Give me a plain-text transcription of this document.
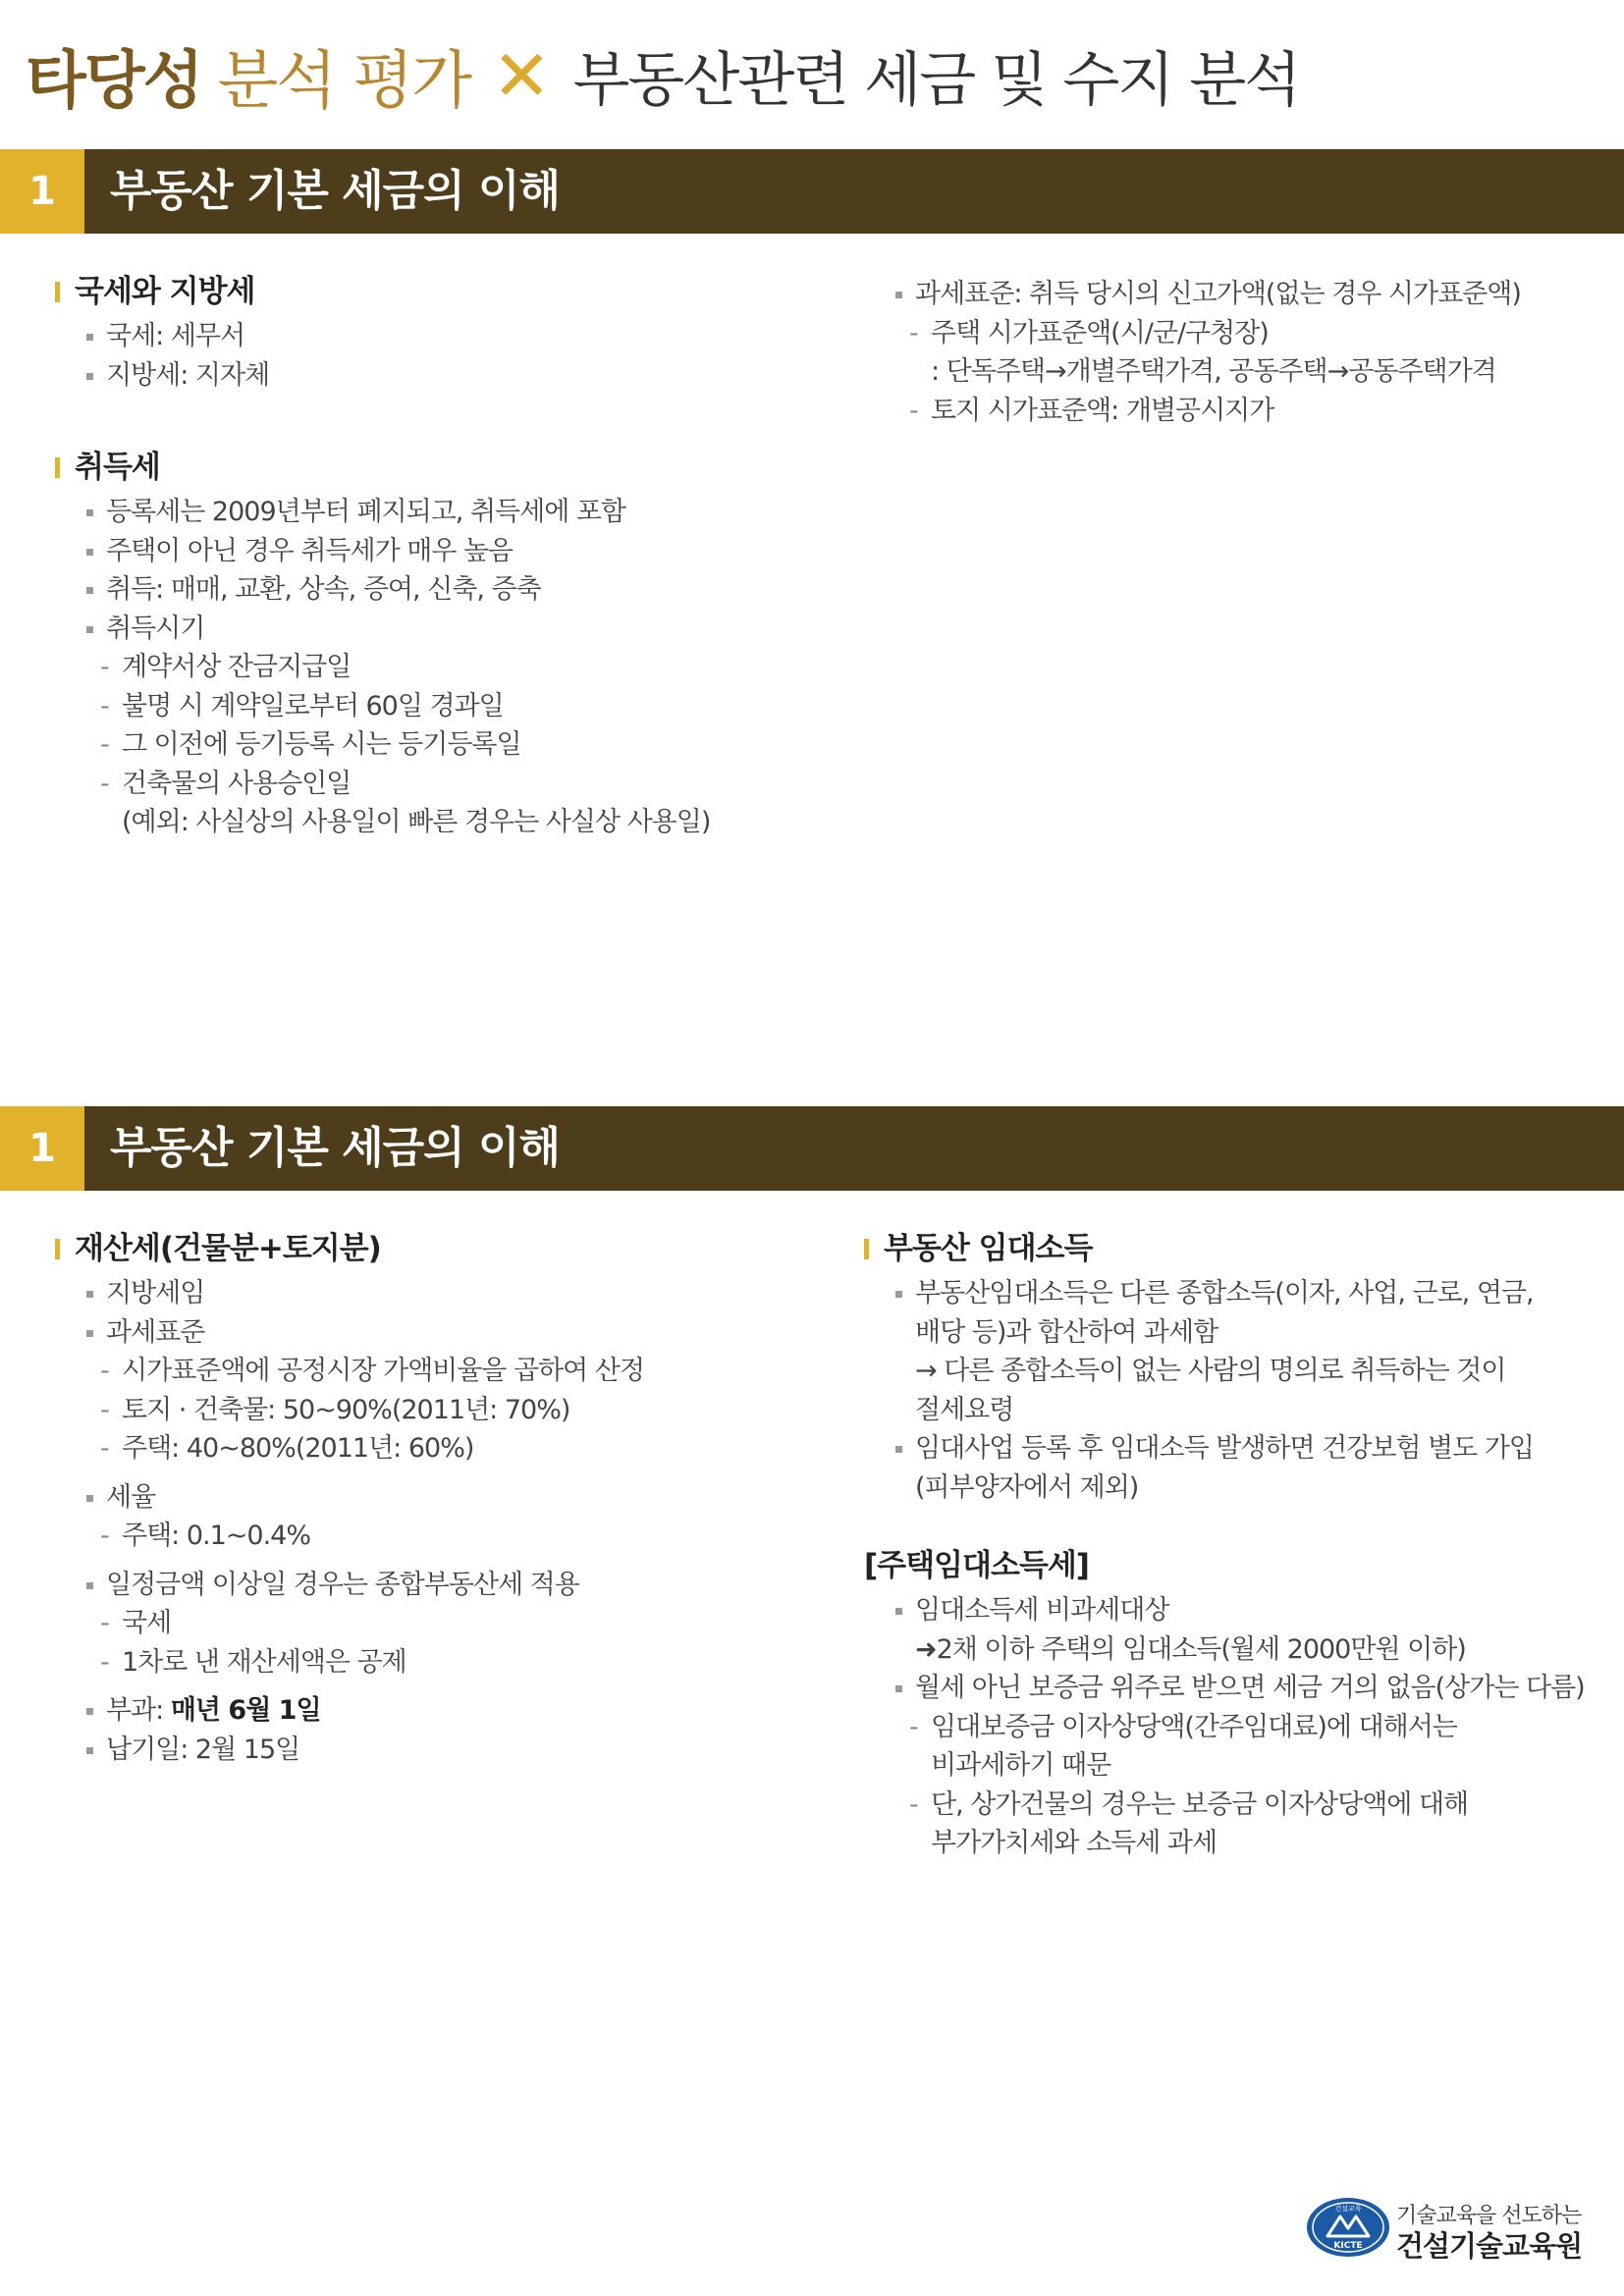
타당성 분석 평가 ✕ 부동산관련 세금 및 수지 분석
1	부동산 기본 세금의 이해
국세와 지방세
국세: 세무서
지방세: 지자체
취득세
등록세는 2009년부터 폐지되고, 취득세에 포함
주택이 아닌 경우 취득세가 매우 높음
취득: 매매, 교환, 상속, 증여, 신축, 증축
취득시기
- 계약서상 잔금지급일
- 불명 시 계약일로부터 60일 경과일
- 그 이전에 등기등록 시는 등기등록일
- 건축물의 사용승인일
(예외: 사실상의 사용일이 빠른 경우는 사실상 사용일)
과세표준: 취득 당시의 신고가액(없는 경우 시가표준액)
- 주택 시가표준액(시/군/구청장)
: 단독주택→개별주택가격, 공동주택→공동주택가격
- 토지 시가표준액: 개별공시지가
1	부동산 기본 세금의 이해
재산세(건물분+토지분)
지방세임
과세표준
- 시가표준액에 공정시장 가액비율을 곱하여 산정
- 토지 · 건축물: 50~90%(2011년: 70%)
- 주택: 40~80%(2011년: 60%)
세율
- 주택: 0.1~0.4%
일정금액 이상일 경우는 종합부동산세 적용
- 국세
- 1차로 낸 재산세액은 공제
부과: 매년 6월 1일
납기일: 2월 15일
부동산 임대소득
부동산임대소득은 다른 종합소득(이자, 사업, 근로, 연금,
배당 등)과 합산하여 과세함
→ 다른 종합소득이 없는 사람의 명의로 취득하는 것이
절세요령
임대사업 등록 후 임대소득 발생하면 건강보험 별도 가입
(피부양자에서 제외)
[주택임대소득세]
임대소득세 비과세대상
➜2채 이하 주택의 임대소득(월세 2000만원 이하)
월세 아닌 보증금 위주로 받으면 세금 거의 없음(상가는 다름)
- 임대보증금 이자상당액(간주임대료)에 대해서는
비과세하기 때문
- 단, 상가건물의 경우는 보증금 이자상당액에 대해
부가가치세와 소득세 과세
건설교육
KICTE
기술교육을 선도하는
건설기술교육원
